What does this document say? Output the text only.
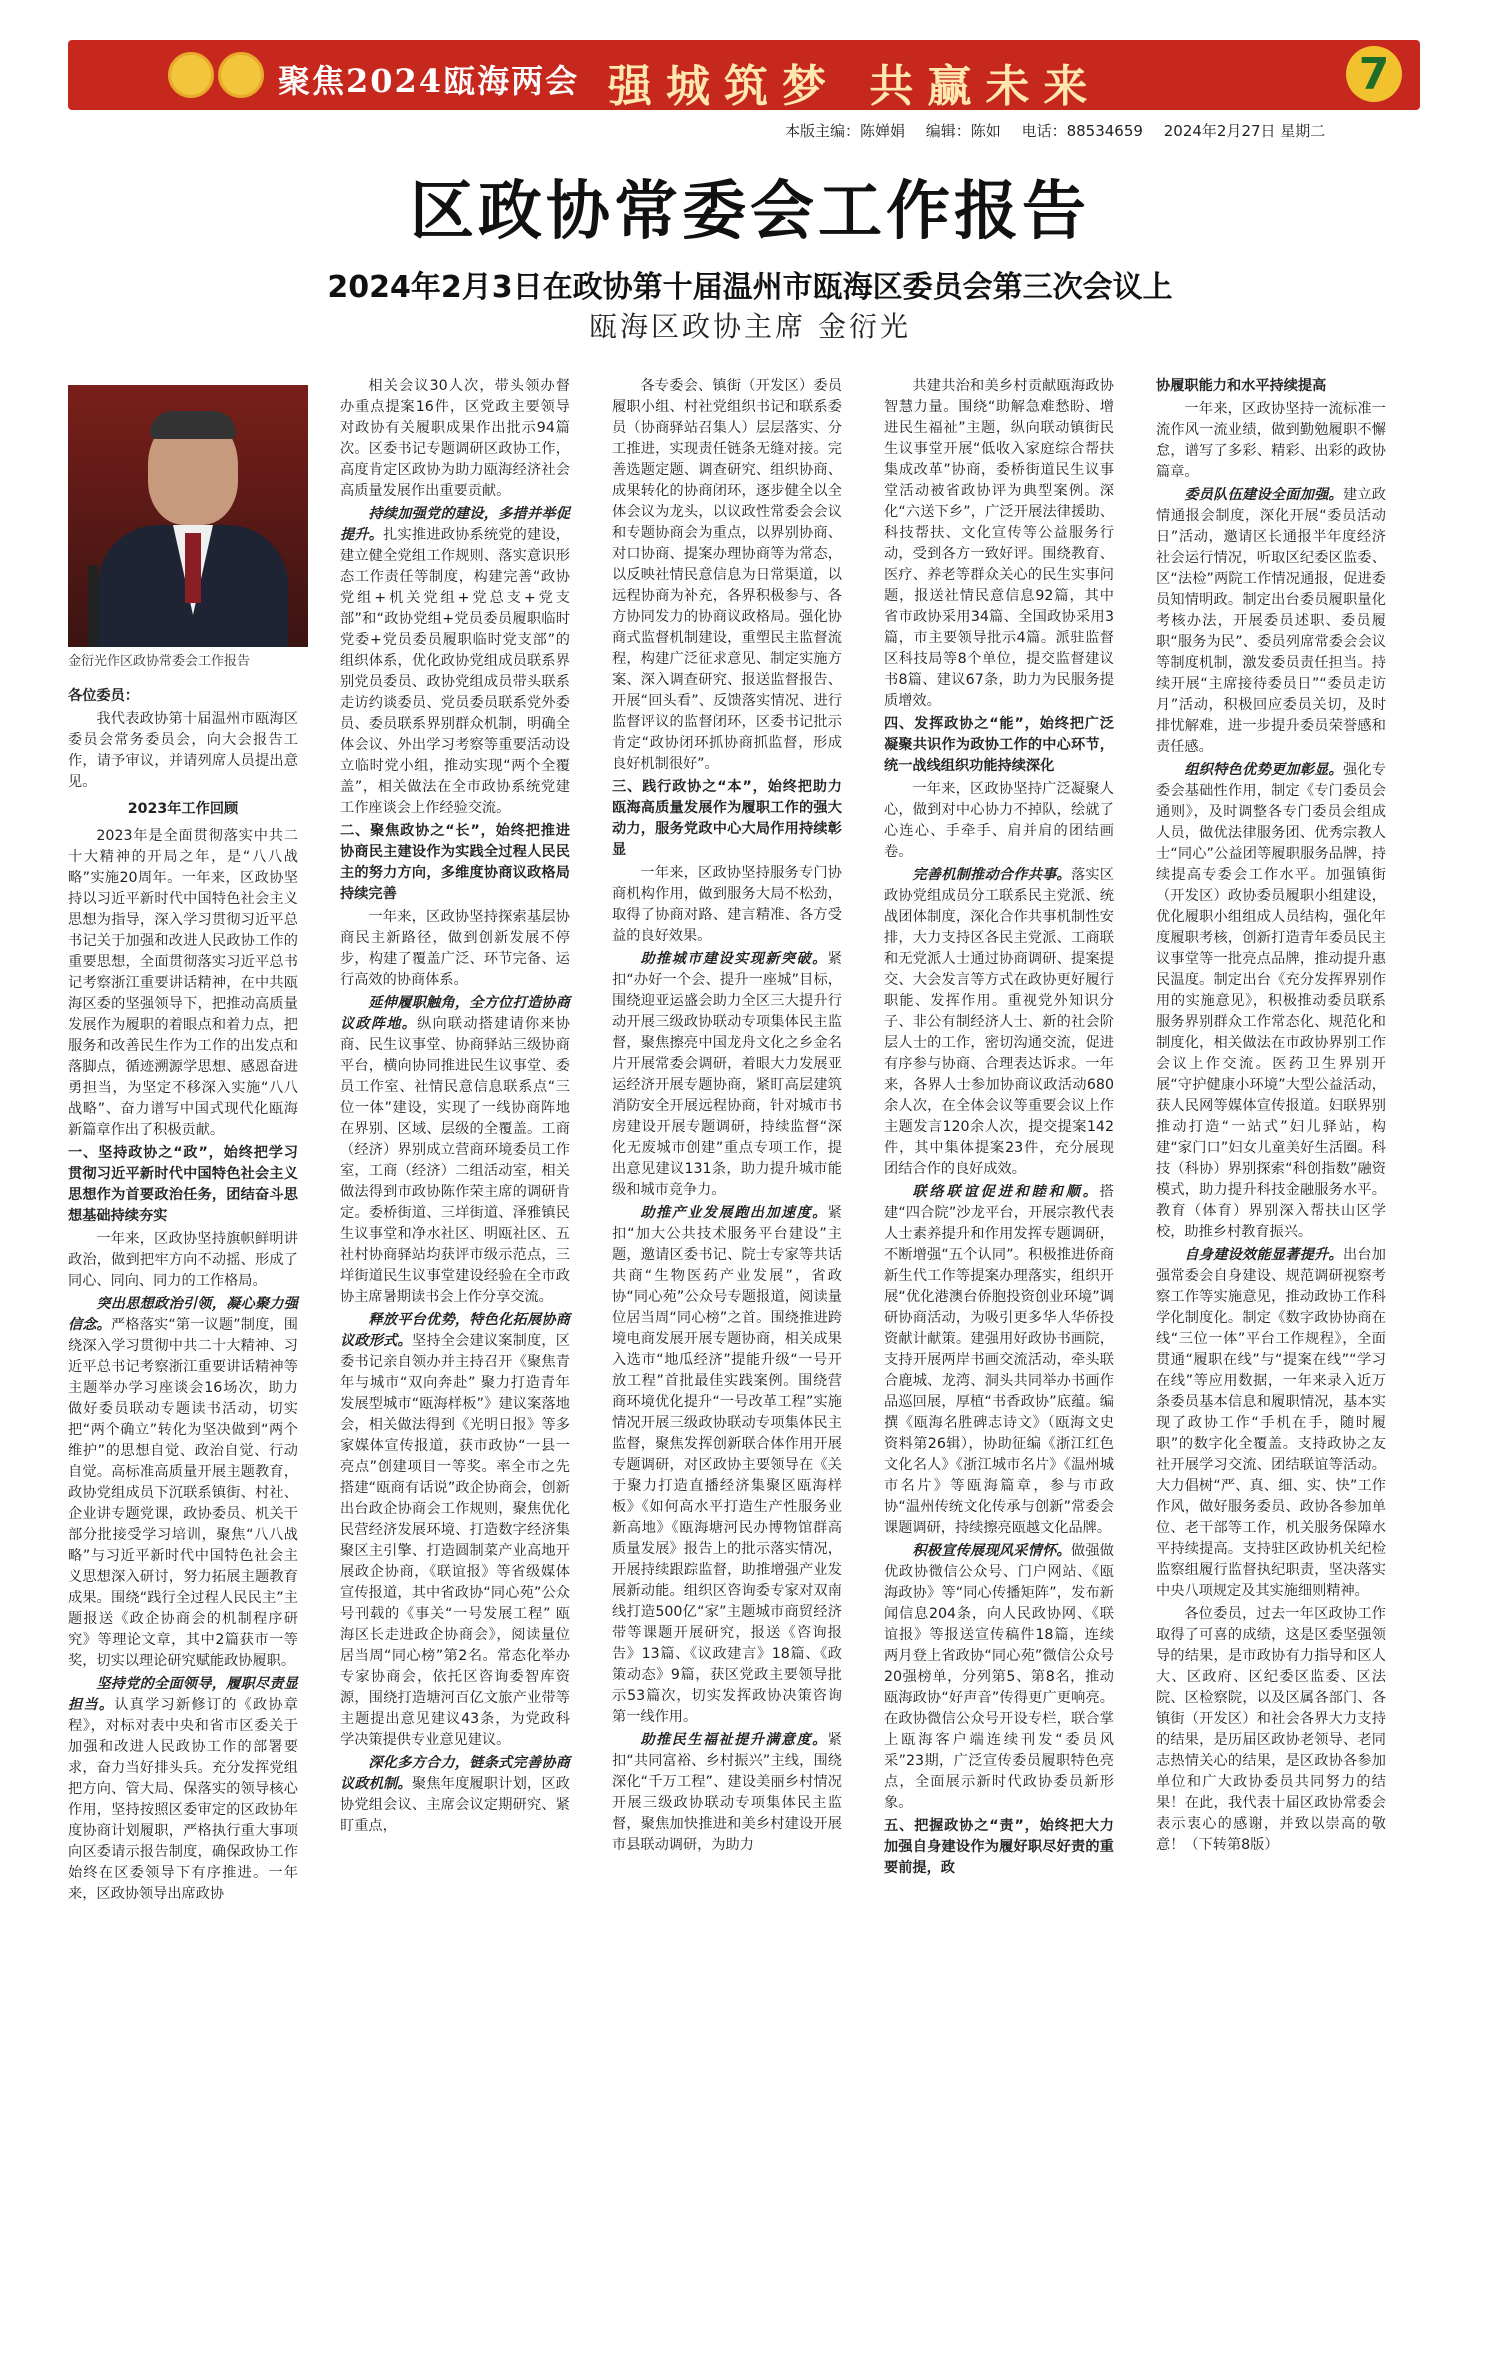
聚焦2024瓯海两会 强城筑梦 共赢未来	7
本版主编：陈婵娟 编辑：陈如 电话：88534659 2024年2月27日 星期二
区政协常委会工作报告
2024年2月3日在政协第十届温州市瓯海区委员会第三次会议上
瓯海区政协主席 金衍光
金衍光作区政协常委会工作报告

各位委员：

我代表政协第十届温州市瓯海区委员会常务委员会，向大会报告工作，请予审议，并请列席人员提出意见。

2023年工作回顾

2023年是全面贯彻落实中共二十大精神的开局之年，是“八八战略”实施20周年。一年来，区政协坚持以习近平新时代中国特色社会主义思想为指导，深入学习贯彻习近平总书记关于加强和改进人民政协工作的重要思想，全面贯彻落实习近平总书记考察浙江重要讲话精神，在中共瓯海区委的坚强领导下，把推动高质量发展作为履职的着眼点和着力点，把服务和改善民生作为工作的出发点和落脚点，循迹溯源学思想、感恩奋进勇担当，为坚定不移深入实施“八八战略”、奋力谱写中国式现代化瓯海新篇章作出了积极贡献。

一、坚持政协之“政”，始终把学习贯彻习近平新时代中国特色社会主义思想作为首要政治任务，团结奋斗思想基础持续夯实

一年来，区政协坚持旗帜鲜明讲政治，做到把牢方向不动摇、形成了同心、同向、同力的工作格局。

突出思想政治引领，凝心聚力强信念。严格落实“第一议题”制度，围绕深入学习贯彻中共二十大精神、习近平总书记考察浙江重要讲话精神等主题举办学习座谈会16场次，助力做好委员联动专题读书活动，切实把“两个确立”转化为坚决做到“两个维护”的思想自觉、政治自觉、行动自觉。高标准高质量开展主题教育，政协党组成员下沉联系镇街、村社、企业讲专题党课，政协委员、机关干部分批接受学习培训，聚焦“八八战略”与习近平新时代中国特色社会主义思想深入研讨，努力拓展主题教育成果。围绕“践行全过程人民民主”主题报送《政企协商会的机制程序研究》等理论文章，其中2篇获市一等奖，切实以理论研究赋能政协履职。

坚持党的全面领导，履职尽责显担当。认真学习新修订的《政协章程》，对标对表中央和省市区委关于加强和改进人民政协工作的部署要求，奋力当好排头兵。充分发挥党组把方向、管大局、保落实的领导核心作用，坚持按照区委审定的区政协年度协商计划履职，严格执行重大事项向区委请示报告制度，确保政协工作始终在区委领导下有序推进。一年来，区政协领导出席政协

相关会议30人次，带头领办督办重点提案16件，区党政主要领导对政协有关履职成果作出批示94篇次。区委书记专题调研区政协工作，高度肯定区政协为助力瓯海经济社会高质量发展作出重要贡献。

持续加强党的建设，多措并举促提升。扎实推进政协系统党的建设，建立健全党组工作规则、落实意识形态工作责任等制度，构建完善“政协党组+机关党组+党总支+党支部”和“政协党组+党员委员履职临时党委+党员委员履职临时党支部”的组织体系，优化政协党组成员联系界别党员委员、政协党组成员带头联系走访约谈委员、党员委员联系党外委员、委员联系界别群众机制，明确全体会议、外出学习考察等重要活动设立临时党小组，推动实现“两个全覆盖”，相关做法在全市政协系统党建工作座谈会上作经验交流。

二、聚焦政协之“长”，始终把推进协商民主建设作为实践全过程人民民主的努力方向，多维度协商议政格局持续完善

一年来，区政协坚持探索基层协商民主新路径，做到创新发展不停步，构建了覆盖广泛、环节完备、运行高效的协商体系。

延伸履职触角，全方位打造协商议政阵地。纵向联动搭建请你来协商、民生议事堂、协商驿站三级协商平台，横向协同推进民生议事堂、委员工作室、社情民意信息联系点“三位一体”建设，实现了一线协商阵地在界别、区域、层级的全覆盖。工商（经济）界别成立营商环境委员工作室，工商（经济）二组活动室，相关做法得到市政协陈作荣主席的调研肯定。委桥街道、三垟街道、泽雅镇民生议事堂和净水社区、明瓯社区、五社村协商驿站均获评市级示范点，三垟街道民生议事堂建设经验在全市政协主席暑期读书会上作分享交流。

释放平台优势，特色化拓展协商议政形式。坚持全会建议案制度，区委书记亲自领办并主持召开《聚焦青年与城市“双向奔赴” 聚力打造青年发展型城市“瓯海样板”》建议案落地会，相关做法得到《光明日报》等多家媒体宣传报道，获市政协“一县一亮点”创建项目一等奖。率全市之先搭建“瓯商有话说”政企协商会，创新出台政企协商会工作规则，聚焦优化民营经济发展环境、打造数字经济集聚区主引擎、打造圆制菜产业高地开展政企协商，《联谊报》等省级媒体宣传报道，其中省政协“同心苑”公众号刊载的《事关“一号发展工程” 瓯海区长走进政企协商会》，阅读量位居当周“同心榜”第2名。常态化举办专家协商会，依托区咨询委智库资源，围绕打造塘河百亿文旅产业带等主题提出意见建议43条，为党政科学决策提供专业意见建议。

深化多方合力，链条式完善协商议政机制。聚焦年度履职计划，区政协党组会议、主席会议定期研究、紧盯重点，

各专委会、镇街（开发区）委员履职小组、村社党组织书记和联系委员（协商驿站召集人）层层落实、分工推进，实现责任链条无缝对接。完善选题定题、调查研究、组织协商、成果转化的协商闭环，逐步健全以全体会议为龙头，以议政性常委会会议和专题协商会为重点，以界别协商、对口协商、提案办理协商等为常态，以反映社情民意信息为日常渠道，以远程协商为补充，各界积极参与、各方协同发力的协商议政格局。强化协商式监督机制建设，重塑民主监督流程，构建广泛征求意见、制定实施方案、深入调查研究、报送监督报告、开展“回头看”、反馈落实情况、进行监督评议的监督闭环，区委书记批示肯定“政协闭环抓协商抓监督，形成良好机制很好”。

三、践行政协之“本”，始终把助力瓯海高质量发展作为履职工作的强大动力，服务党政中心大局作用持续彰显

一年来，区政协坚持服务专门协商机构作用，做到服务大局不松劲，取得了协商对路、建言精准、各方受益的良好效果。

助推城市建设实现新突破。紧扣“办好一个会、提升一座城”目标，围绕迎亚运盛会助力全区三大提升行动开展三级政协联动专项集体民主监督，聚焦擦亮中国龙舟文化之乡金名片开展常委会调研，着眼大力发展亚运经济开展专题协商，紧盯高层建筑消防安全开展远程协商，针对城市书房建设开展专题调研，持续监督“深化无废城市创建”重点专项工作，提出意见建议131条，助力提升城市能级和城市竞争力。

助推产业发展跑出加速度。紧扣“加大公共技术服务平台建设”主题，邀请区委书记、院士专家等共话共商“生物医药产业发展”，省政协“同心苑”公众号专题报道，阅读量位居当周“同心榜”之首。围绕推进跨境电商发展开展专题协商，相关成果入选市“地瓜经济”提能升级“一号开放工程”首批最佳实践案例。围绕营商环境优化提升“一号改革工程”实施情况开展三级政协联动专项集体民主监督，聚焦发挥创新联合体作用开展专题调研，对区政协主要领导在《关于聚力打造直播经济集聚区瓯海样板》《如何高水平打造生产性服务业新高地》《瓯海塘河民办博物馆群高质量发展》报告上的批示落实情况，开展持续跟踪监督，助推增强产业发展新动能。组织区咨询委专家对双南线打造500亿“家”主题城市商贸经济带等课题开展研究，报送《咨询报告》13篇、《议政建言》18篇、《政策动态》9篇，获区党政主要领导批示53篇次，切实发挥政协决策咨询第一线作用。

助推民生福祉提升满意度。紧扣“共同富裕、乡村振兴”主线，围绕深化“千万工程”、建设美丽乡村情况开展三级政协联动专项集体民主监督，聚焦加快推进和美乡村建设开展市县联动调研，为助力

共建共治和美乡村贡献瓯海政协智慧力量。围绕“助解急难愁盼、增进民生福祉”主题，纵向联动镇街民生议事堂开展“低收入家庭综合帮扶集成改革”协商，委桥街道民生议事堂活动被省政协评为典型案例。深化“六送下乡”，广泛开展法律援助、科技帮扶、文化宣传等公益服务行动，受到各方一致好评。围绕教育、医疗、养老等群众关心的民生实事问题，报送社情民意信息92篇，其中省市政协采用34篇、全国政协采用3篇，市主要领导批示4篇。派驻监督区科技局等8个单位，提交监督建议书8篇、建议67条，助力为民服务提质增效。

四、发挥政协之“能”，始终把广泛凝聚共识作为政协工作的中心环节，统一战线组织功能持续深化

一年来，区政协坚持广泛凝聚人心，做到对中心协力不掉队，绘就了心连心、手牵手、肩并肩的团结画卷。

完善机制推动合作共事。落实区政协党组成员分工联系民主党派、统战团体制度，深化合作共事机制性安排，大力支持区各民主党派、工商联和无党派人士通过协商调研、提案提交、大会发言等方式在政协更好履行职能、发挥作用。重视党外知识分子、非公有制经济人士、新的社会阶层人士的工作，密切沟通交流，促进有序参与协商、合理表达诉求。一年来，各界人士参加协商议政活动680余人次，在全体会议等重要会议上作主题发言120余人次，提交提案142件，其中集体提案23件，充分展现团结合作的良好成效。

联络联谊促进和睦和顺。搭建“四合院”沙龙平台，开展宗教代表人士素养提升和作用发挥专题调研，不断增强“五个认同”。积极推进侨商新生代工作等提案办理落实，组织开展“优化港澳台侨胞投资创业环境”调研协商活动，为吸引更多华人华侨投资献计献策。建强用好政协书画院，支持开展两岸书画交流活动，牵头联合鹿城、龙湾、洞头共同举办书画作品巡回展，厚植“书香政协”底蕴。编撰《瓯海名胜碑志诗文》（瓯海文史资料第26辑），协助征编《浙江红色文化名人》《浙江城市名片》《温州城市名片》等瓯海篇章，参与市政协“温州传统文化传承与创新”常委会课题调研，持续擦亮瓯越文化品牌。

积极宣传展现风采情怀。做强做优政协微信公众号、门户网站、《瓯海政协》等“同心传播矩阵”，发布新闻信息204条，向人民政协网、《联谊报》等报送宣传稿件18篇，连续两月登上省政协“同心苑”微信公众号20强榜单，分列第5、第8名，推动瓯海政协“好声音”传得更广更响亮。在政协微信公众号开设专栏，联合掌上瓯海客户端连续刊发“委员风采”23期，广泛宣传委员履职特色亮点，全面展示新时代政协委员新形象。

五、把握政协之“责”，始终把大力加强自身建设作为履好职尽好责的重要前提，政

协履职能力和水平持续提高

一年来，区政协坚持一流标准一流作风一流业绩，做到勤勉履职不懈怠，谱写了多彩、精彩、出彩的政协篇章。

委员队伍建设全面加强。建立政情通报会制度，深化开展“委员活动日”活动，邀请区长通报半年度经济社会运行情况，听取区纪委区监委、区“法检”两院工作情况通报，促进委员知情明政。制定出台委员履职量化考核办法，开展委员述职、委员履职“服务为民”、委员列席常委会会议等制度机制，激发委员责任担当。持续开展“主席接待委员日”“委员走访月”活动，积极回应委员关切，及时排忧解难，进一步提升委员荣誉感和责任感。

组织特色优势更加彰显。强化专委会基础性作用，制定《专门委员会通则》，及时调整各专门委员会组成人员，做优法律服务团、优秀宗教人士“同心”公益团等履职服务品牌，持续提高专委会工作水平。加强镇街（开发区）政协委员履职小组建设，优化履职小组组成人员结构，强化年度履职考核，创新打造青年委员民主议事堂等一批亮点品牌，推动提升惠民温度。制定出台《充分发挥界别作用的实施意见》，积极推动委员联系服务界别群众工作常态化、规范化和制度化，相关做法在市政协界别工作会议上作交流。医药卫生界别开展“守护健康小环境”大型公益活动，获人民网等媒体宣传报道。妇联界别推动打造“一站式”妇儿驿站，构建“家门口”妇女儿童美好生活圈。科技（科协）界别探索“科创指数”融资模式，助力提升科技金融服务水平。教育（体育）界别深入帮扶山区学校，助推乡村教育振兴。

自身建设效能显著提升。出台加强常委会自身建设、规范调研视察考察工作等实施意见，推动政协工作科学化制度化。制定《数字政协协商在线“三位一体”平台工作规程》，全面贯通“履职在线”与“提案在线”“学习在线”等应用数据，一年来录入近万条委员基本信息和履职情况，基本实现了政协工作“手机在手，随时履职”的数字化全覆盖。支持政协之友社开展学习交流、团结联谊等活动。大力倡树“严、真、细、实、快”工作作风，做好服务委员、政协各参加单位、老干部等工作，机关服务保障水平持续提高。支持驻区政协机关纪检监察组履行监督执纪职责，坚决落实中央八项规定及其实施细则精神。

各位委员，过去一年区政协工作取得了可喜的成绩，这是区委坚强领导的结果，是市政协有力指导和区人大、区政府、区纪委区监委、区法院、区检察院，以及区属各部门、各镇街（开发区）和社会各界大力支持的结果，是历届区政协老领导、老同志热情关心的结果，是区政协各参加单位和广大政协委员共同努力的结果！在此，我代表十届区政协常委会表示衷心的感谢，并致以崇高的敬意！（下转第8版）
